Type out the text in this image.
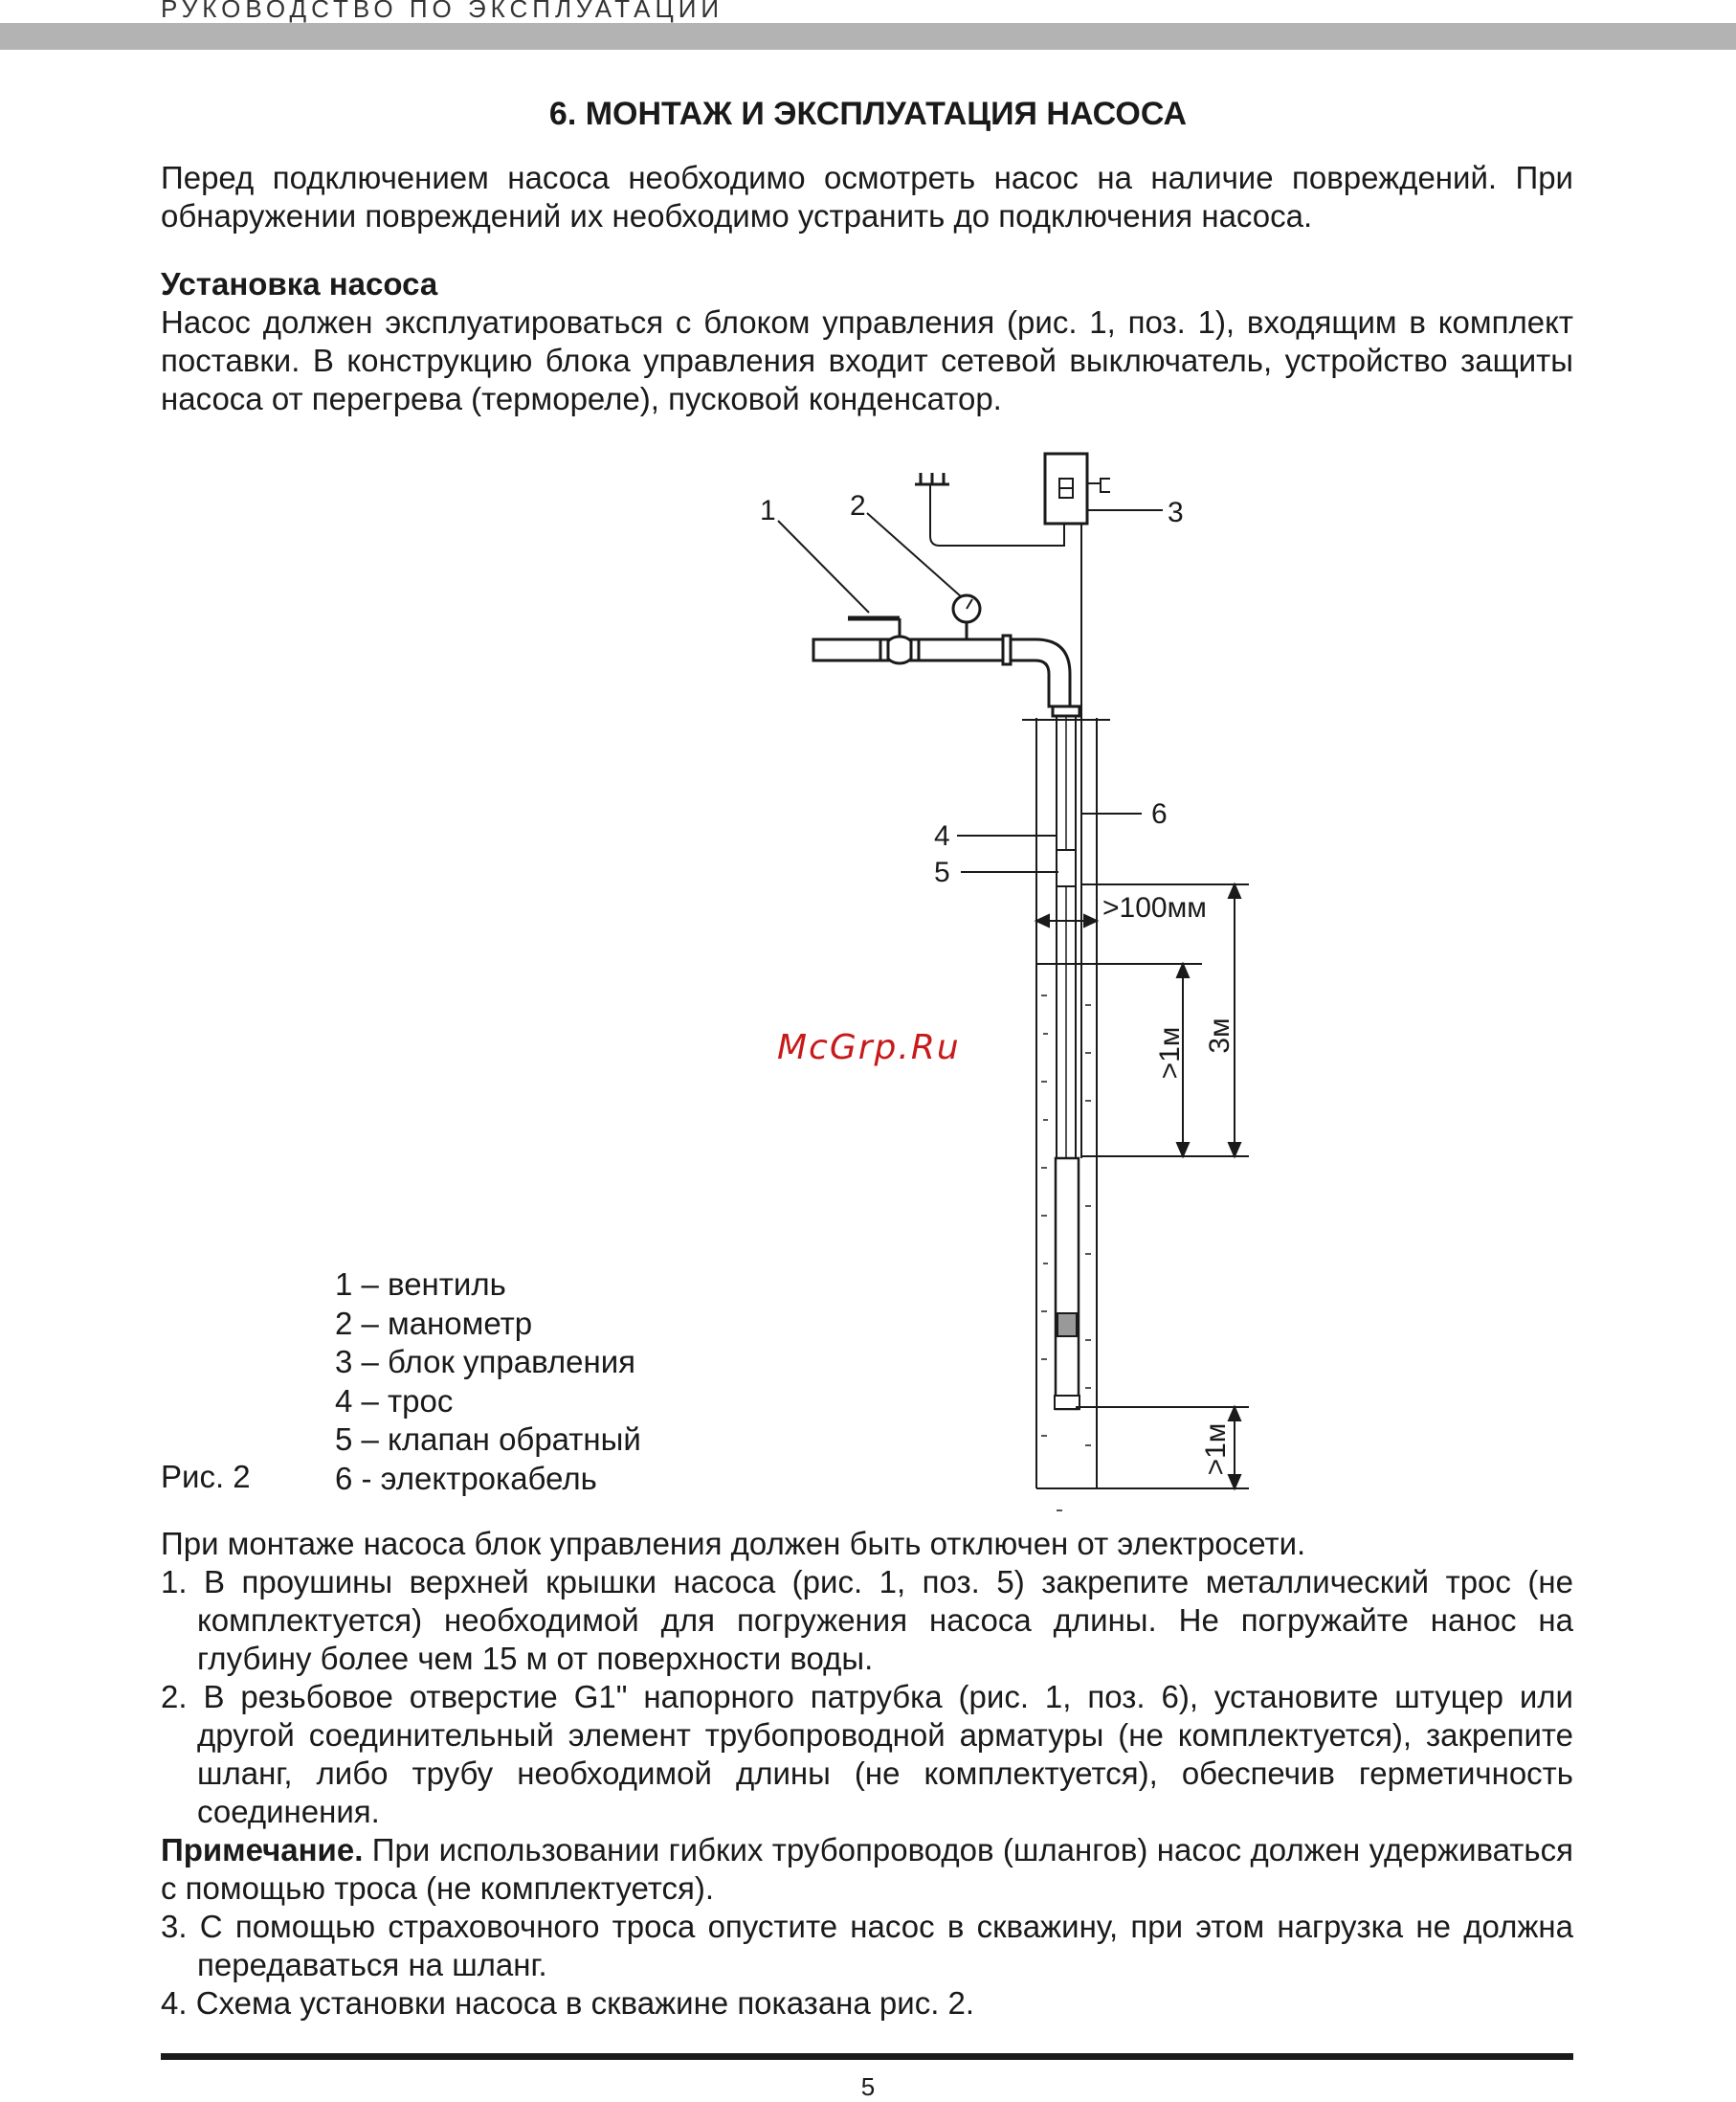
РУКОВОДСТВО ПО ЭКСПЛУАТАЦИИ
6. МОНТАЖ И ЭКСПЛУАТАЦИЯ НАСОСА

Перед подключением насоса необходимо осмотреть насос на наличие повреждений. При обнаружении повреждений их необходимо устранить до подключения насоса.

Установка насоса

Насос должен эксплуатироваться с блоком управления (рис. 1, поз. 1), входящим в комплект поставки. В конструкцию блока управления входит сетевой выключатель, устройство защиты насоса от перегрева (термореле), пусковой конденсатор.

1	2	3
4
5
6
>100мм
>1м 3м
>1м
McGrp.Ru
1 – вентиль
2 – манометр
3 – блок управления
4 – трос
5 – клапан обратный
6 - электрокабель
Рис. 2

При монтаже насоса блок управления должен быть отключен от электросети.

1. В проушины верхней крышки насоса (рис. 1, поз. 5) закрепите металлический трос (не комплектуется) необходимой для погружения насоса длины. Не погружайте нанос на глубину более чем 15 м от поверхности воды.

2. В резьбовое отверстие G1" напорного патрубка (рис. 1, поз. 6), установите штуцер или другой соединительный элемент трубопроводной арматуры (не комплектуется), закрепите шланг, либо трубу необходимой длины (не комплектуется), обеспечив герметичность соединения.

Примечание. При использовании гибких трубопроводов (шлангов) насос должен удерживаться с помощью троса (не комплектуется).

3. С помощью страховочного троса опустите насос в скважину, при этом нагрузка не должна передаваться на шланг.

4. Схема установки насоса в скважине показана рис. 2.

5
